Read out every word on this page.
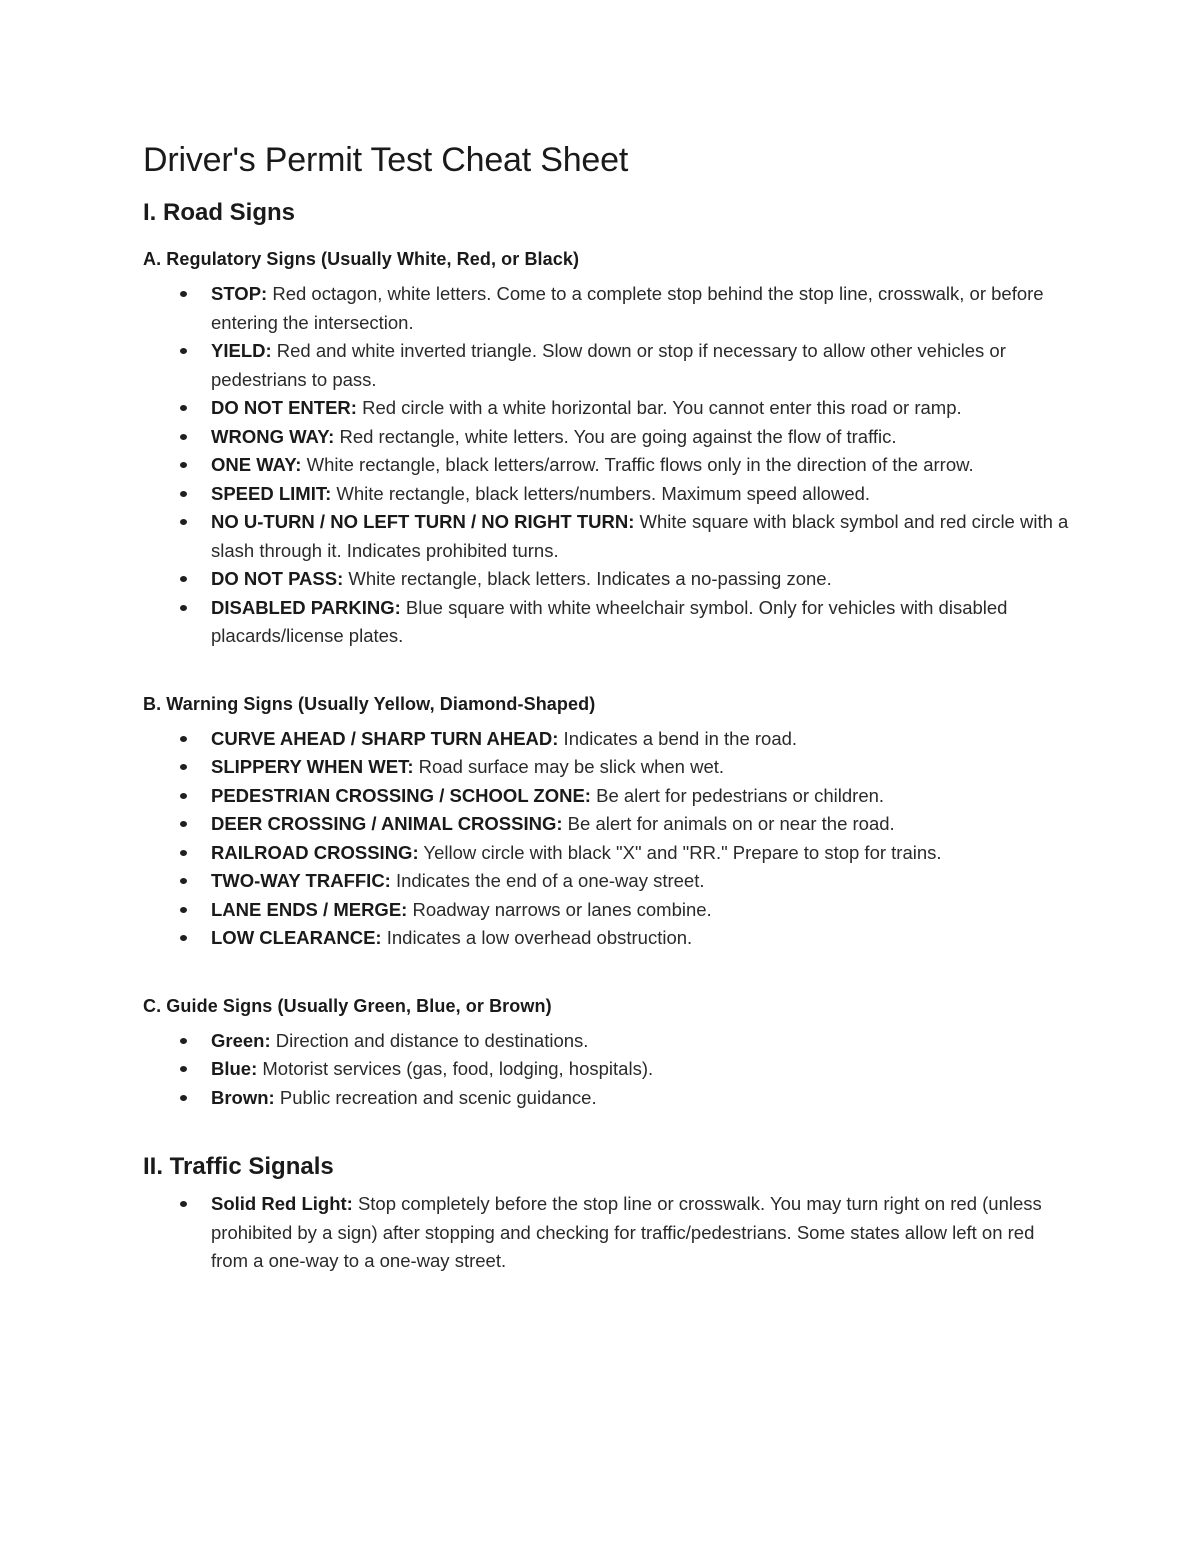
Driver's Permit Test Cheat Sheet
I. Road Signs
A. Regulatory Signs (Usually White, Red, or Black)
STOP: Red octagon, white letters. Come to a complete stop behind the stop line, crosswalk, or before entering the intersection.
YIELD: Red and white inverted triangle. Slow down or stop if necessary to allow other vehicles or pedestrians to pass.
DO NOT ENTER: Red circle with a white horizontal bar. You cannot enter this road or ramp.
WRONG WAY: Red rectangle, white letters. You are going against the flow of traffic.
ONE WAY: White rectangle, black letters/arrow. Traffic flows only in the direction of the arrow.
SPEED LIMIT: White rectangle, black letters/numbers. Maximum speed allowed.
NO U-TURN / NO LEFT TURN / NO RIGHT TURN: White square with black symbol and red circle with a slash through it. Indicates prohibited turns.
DO NOT PASS: White rectangle, black letters. Indicates a no-passing zone.
DISABLED PARKING: Blue square with white wheelchair symbol. Only for vehicles with disabled placards/license plates.
B. Warning Signs (Usually Yellow, Diamond-Shaped)
CURVE AHEAD / SHARP TURN AHEAD: Indicates a bend in the road.
SLIPPERY WHEN WET: Road surface may be slick when wet.
PEDESTRIAN CROSSING / SCHOOL ZONE: Be alert for pedestrians or children.
DEER CROSSING / ANIMAL CROSSING: Be alert for animals on or near the road.
RAILROAD CROSSING: Yellow circle with black "X" and "RR." Prepare to stop for trains.
TWO-WAY TRAFFIC: Indicates the end of a one-way street.
LANE ENDS / MERGE: Roadway narrows or lanes combine.
LOW CLEARANCE: Indicates a low overhead obstruction.
C. Guide Signs (Usually Green, Blue, or Brown)
Green: Direction and distance to destinations.
Blue: Motorist services (gas, food, lodging, hospitals).
Brown: Public recreation and scenic guidance.
II. Traffic Signals
Solid Red Light: Stop completely before the stop line or crosswalk. You may turn right on red (unless prohibited by a sign) after stopping and checking for traffic/pedestrians. Some states allow left on red from a one-way to a one-way street.
